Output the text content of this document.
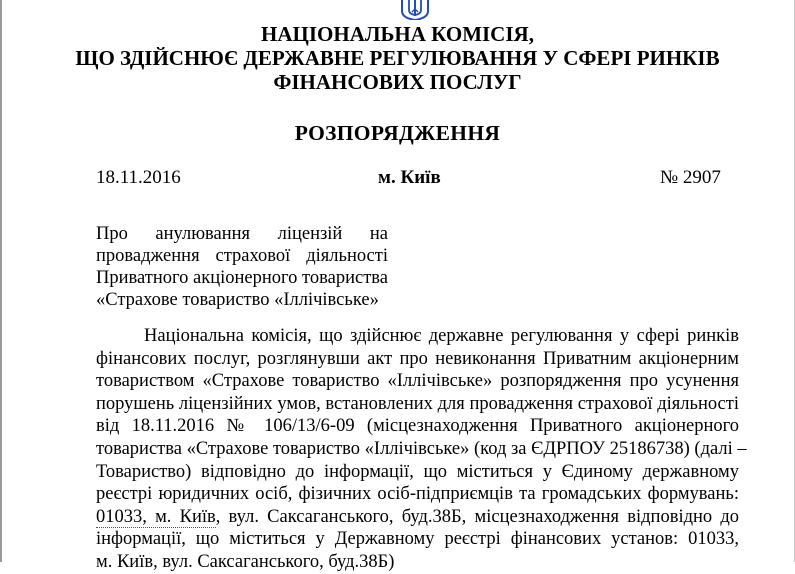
НАЦІОНАЛЬНА КОМІСІЯ,
ЩО ЗДІЙСНЮЄ ДЕРЖАВНЕ РЕГУЛЮВАННЯ У СФЕРІ РИНКІВ
ФІНАНСОВИХ ПОСЛУГ
РОЗПОРЯДЖЕННЯ
18.11.2016	м. Київ	№ 2907
Про анулювання ліцензій на
провадження страхової діяльності
Приватного акціонерного товариства
«Страхове товариство «Іллічівське»
Національна комісія, що здійснює державне регулювання у сфері ринків
фінансових послуг, розглянувши акт про невиконання Приватним акціонерним
товариством «Страхове товариство «Іллічівське» розпорядження про усунення
порушень ліцензійних умов, встановлених для провадження страхової діяльності
від 18.11.2016 № 106/13/6-09 (місцезнаходження Приватного акціонерного
товариства «Страхове товариство «Іллічівське» (код за ЄДРПОУ 25186738) (далі –
Товариство) відповідно до інформації, що міститься у Єдиному державному
реєстрі юридичних осіб, фізичних осіб-підприємців та громадських формувань:
01033, м. Київ, вул. Саксаганського, буд.38Б, місцезнаходження відповідно до
інформації, що міститься у Державному реєстрі фінансових установ: 01033,
м. Київ, вул. Саксаганського, буд.38Б)
